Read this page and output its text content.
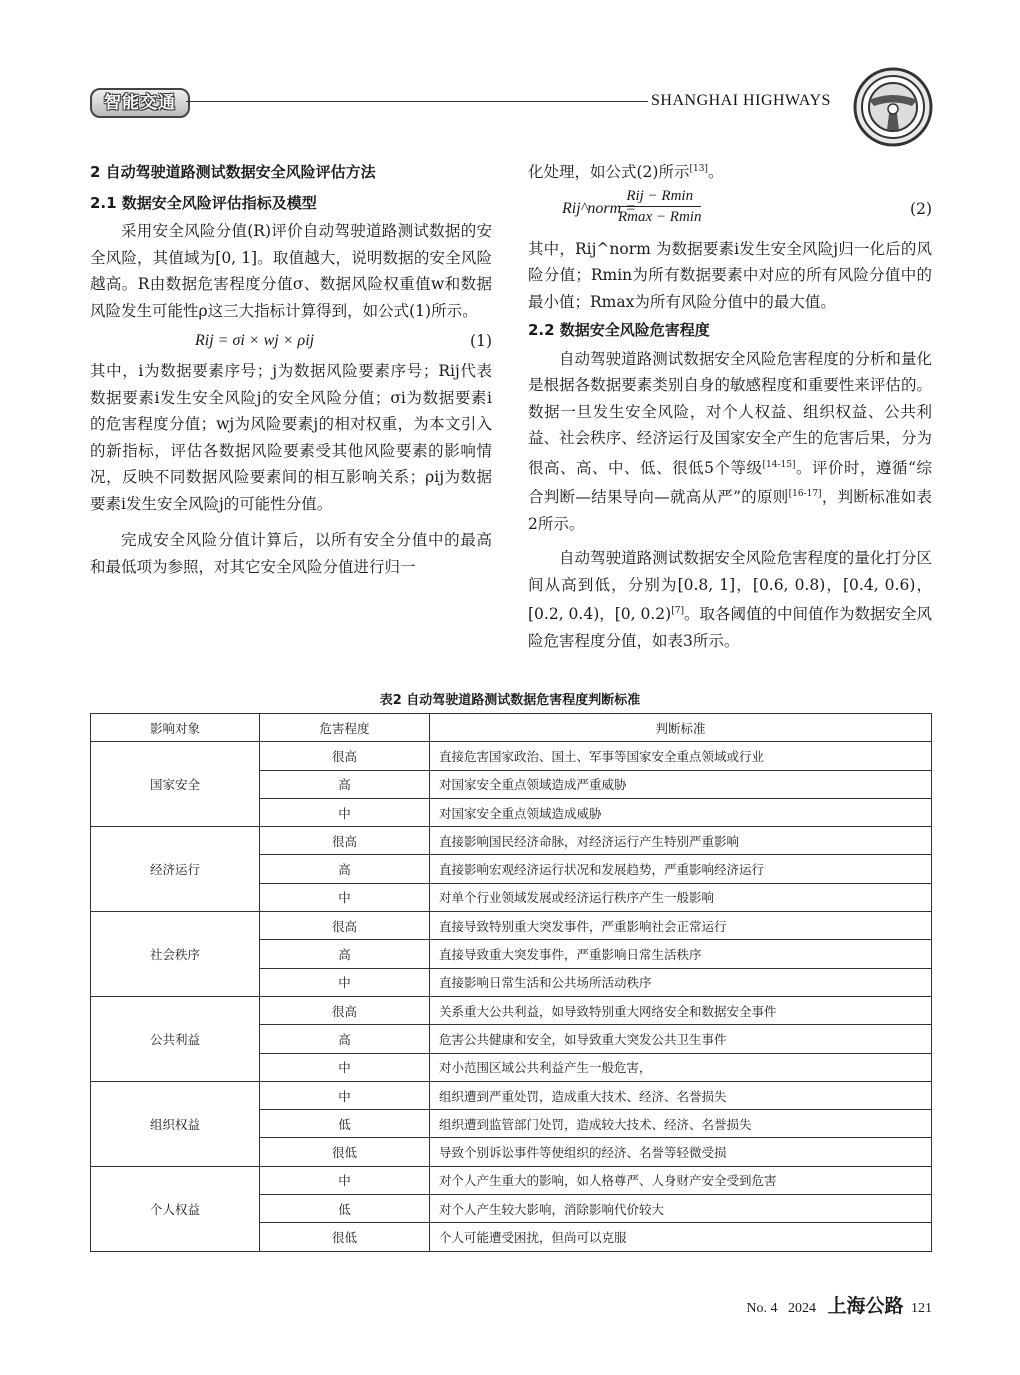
智能交通	SHANGHAI HIGHWAYS

2 自动驾驶道路测试数据安全风险评估方法

2.1 数据安全风险评估指标及模型

采用安全风险分值(R)评价自动驾驶道路测试数据的安全风险，其值域为[0, 1]。取值越大，说明数据的安全风险越高。R由数据危害程度分值σ、数据风险权重值w和数据风险发生可能性ρ这三大指标计算得到，如公式(1)所示。

Rij = σi × wj × ρij	(1)

其中，i为数据要素序号；j为数据风险要素序号；Rij代表数据要素i发生安全风险j的安全风险分值；σi为数据要素i的危害程度分值；wj为风险要素j的相对权重，为本文引入的新指标，评估各数据风险要素受其他风险要素的影响情况，反映不同数据风险要素间的相互影响关系；ρij为数据要素i发生安全风险j的可能性分值。

完成安全风险分值计算后，以所有安全分值中的最高和最低项为参照，对其它安全风险分值进行归一

化处理，如公式(2)所示[13]。

Rij^norm =
Rij − Rmin
Rmax − Rmin	(2)

其中，Rij^norm 为数据要素i发生安全风险j归一化后的风险分值；Rmin为所有数据要素中对应的所有风险分值中的最小值；Rmax为所有风险分值中的最大值。

2.2 数据安全风险危害程度

自动驾驶道路测试数据安全风险危害程度的分析和量化是根据各数据要素类别自身的敏感程度和重要性来评估的。数据一旦发生安全风险，对个人权益、组织权益、公共利益、社会秩序、经济运行及国家安全产生的危害后果，分为很高、高、中、低、很低5个等级[14-15]。评价时，遵循“综合判断—结果导向—就高从严”的原则[16-17]，判断标准如表2所示。

自动驾驶道路测试数据安全风险危害程度的量化打分区间从高到低，分别为[0.8, 1]，[0.6, 0.8)，[0.4, 0.6)，[0.2, 0.4)，[0, 0.2)[7]。取各阈值的中间值作为数据安全风险危害程度分值，如表3所示。

表2 自动驾驶道路测试数据危害程度判断标准
影响对象	危害程度	判断标准
国家安全	很高	直接危害国家政治、国土、军事等国家安全重点领域或行业
	高	对国家安全重点领域造成严重威胁
	中	对国家安全重点领域造成威胁
经济运行	很高	直接影响国民经济命脉，对经济运行产生特别严重影响
	高	直接影响宏观经济运行状况和发展趋势，严重影响经济运行
	中	对单个行业领域发展或经济运行秩序产生一般影响
社会秩序	很高	直接导致特别重大突发事件，严重影响社会正常运行
	高	直接导致重大突发事件，严重影响日常生活秩序
	中	直接影响日常生活和公共场所活动秩序
公共利益	很高	关系重大公共利益，如导致特别重大网络安全和数据安全事件
	高	危害公共健康和安全，如导致重大突发公共卫生事件
	中	对小范围区域公共利益产生一般危害，
组织权益	中	组织遭到严重处罚，造成重大技术、经济、名誉损失
	低	组织遭到监管部门处罚，造成较大技术、经济、名誉损失
	很低	导致个别诉讼事件等使组织的经济、名誉等轻微受损
个人权益	中	对个人产生重大的影响，如人格尊严、人身财产安全受到危害
	低	对个人产生较大影响，消除影响代价较大
	很低	个人可能遭受困扰，但尚可以克服
No. 4 2024 上海公路 121
